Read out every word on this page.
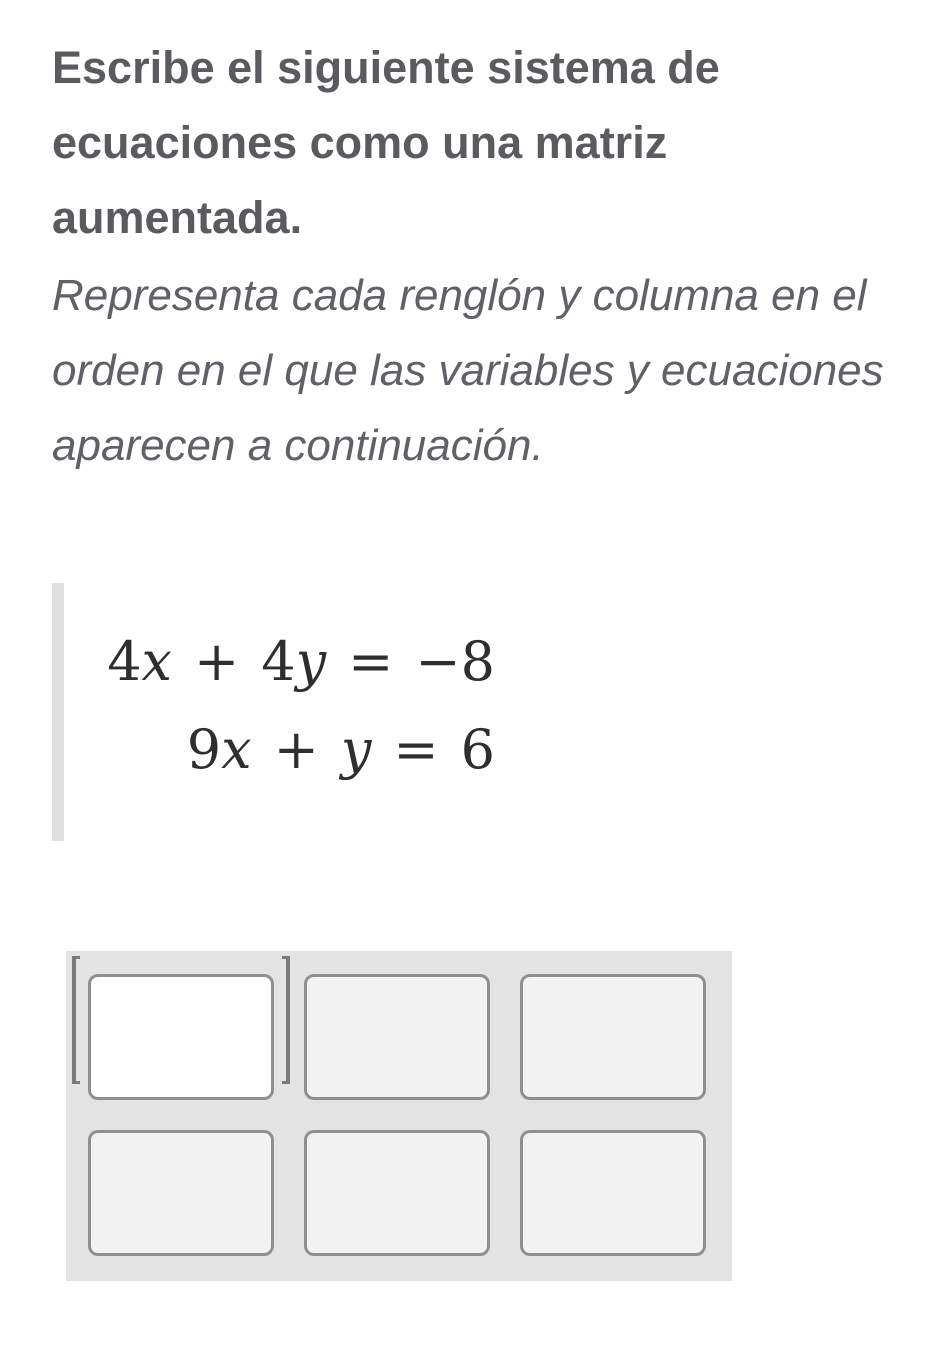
Escribe el siguiente sistema de ecuaciones como una matriz aumentada.

Representa cada renglón y columna en el orden en el que las variables y ecuaciones aparecen a continuación.

4 x + 4 y = −8
9 x + y = 6
